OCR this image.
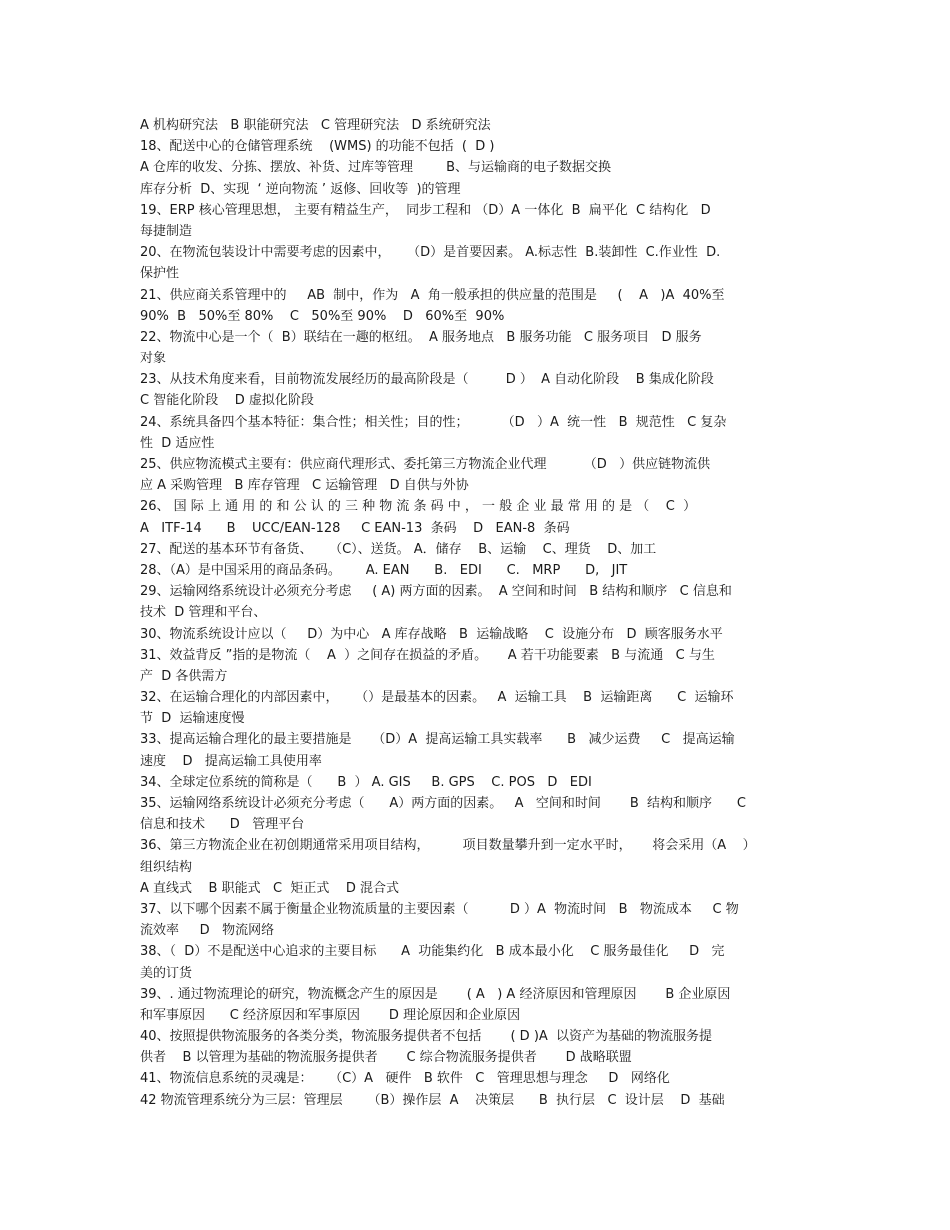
A 机构研究法   B 职能研究法   C 管理研究法   D 系统研究法
18、配送中心的仓储管理系统    (WMS) 的功能不包括  (  D )
A 仓库的收发、分拣、摆放、补货、过库等管理        B、与运输商的电子数据交换
库存分析  D、实现  ‘ 逆向物流 ’ 返修、回收等  )的管理
19、ERP 核心管理思想， 主要有精益生产，  同步工程和 （D）A 一体化  B  扁平化  C 结构化   D
每捷制造
20、在物流包装设计中需要考虑的因素中，    （D）是首要因素。 A.标志性  B.装卸性  C.作业性  D.
保护性
21、供应商关系管理中的     AB  制中，作为   A  角一般承担的供应量的范围是     (    A   )A  40%至
90%  B   50%至 80%    C   50%至 90%    D   60%至  90%
22、物流中心是一个（  B）联结在一趣的枢纽。  A 服务地点   B 服务功能   C 服务项目   D 服务
对象
23、从技术角度来看，目前物流发展经历的最高阶段是（         D ）  A 自动化阶段    B 集成化阶段
C 智能化阶段    D 虚拟化阶段
24、系统具备四个基本特征：集合性；相关性；目的性；        （D   ）A  统一性   B  规范性   C 复杂
性  D 适应性
25、供应物流模式主要有：供应商代理形式、委托第三方物流企业代理         （D   ）供应链物流供
应 A 采购管理   B 库存管理   C 运输管理   D 自供与外协
26、 国 际 上 通 用 的 和 公 认 的 三 种 物 流 条 码 中 ， 一 般 企 业 最 常 用 的 是 （    C  ）
A   ITF-14      B    UCC/EAN-128     C EAN-13  条码    D   EAN-8  条码
27、配送的基本环节有备货、    （C）、送货。 A．储存    B、运输    C、理货    D、加工
28、（A）是中国采用的商品条码。      A. EAN      B.   EDI      C.   MRP      D,   JIT
29、运输网络系统设计必须充分考虑     ( A) 两方面的因素。  A 空间和时间   B 结构和顺序   C 信息和
技术  D 管理和平台、
30、物流系统设计应以（     D）为中心   A 库存战略   B  运输战略    C  设施分布   D  顾客服务水平
31、效益背反 ”指的是物流（    A  ）之间存在损益的矛盾。     A 若干功能要素   B 与流通   C 与生
产  D 各供需方
32、在运输合理化的内部因素中，    （）是最基本的因素。   A  运输工具    B  运输距离      C  运输环
节  D  运输速度慢
33、提高运输合理化的最主要措施是     （D）A  提高运输工具实载率      B   减少运费     C   提高运输
速度    D   提高运输工具使用率
34、全球定位系统的简称是（      B  ） A. GIS     B. GPS    C. POS   D   EDI
35、运输网络系统设计必须充分考虑（      A）两方面的因素。   A   空间和时间       B  结构和顺序      C
信息和技术      D   管理平台
36、第三方物流企业在初创期通常采用项目结构，        项目数量攀升到一定水平时，     将会采用（A    ）
组织结构
A 直线式    B 职能式   C  矩正式    D 混合式
37、以下哪个因素不属于衡量企业物流质量的主要因素（          D ）A  物流时间   B   物流成本     C 物
流效率     D   物流网络
38、（  D）不是配送中心追求的主要目标      A  功能集约化   B 成本最小化    C 服务最佳化     D   完
美的订货
39、. 通过物流理论的研究，物流概念产生的原因是       ( A   ) A 经济原因和管理原因       B 企业原因
和军事原因      C 经济原因和军事原因       D 理论原因和企业原因
40、按照提供物流服务的各类分类，物流服务提供者不包括       ( D )A  以资产为基础的物流服务提
供者    B 以管理为基础的物流服务提供者       C 综合物流服务提供者       D 战略联盟
41、物流信息系统的灵魂是：    （C）A   硬件   B 软件   C   管理思想与理念     D   网络化
42 物流管理系统分为三层：管理层      （B）操作层  A    决策层      B  执行层   C  设计层    D  基础
